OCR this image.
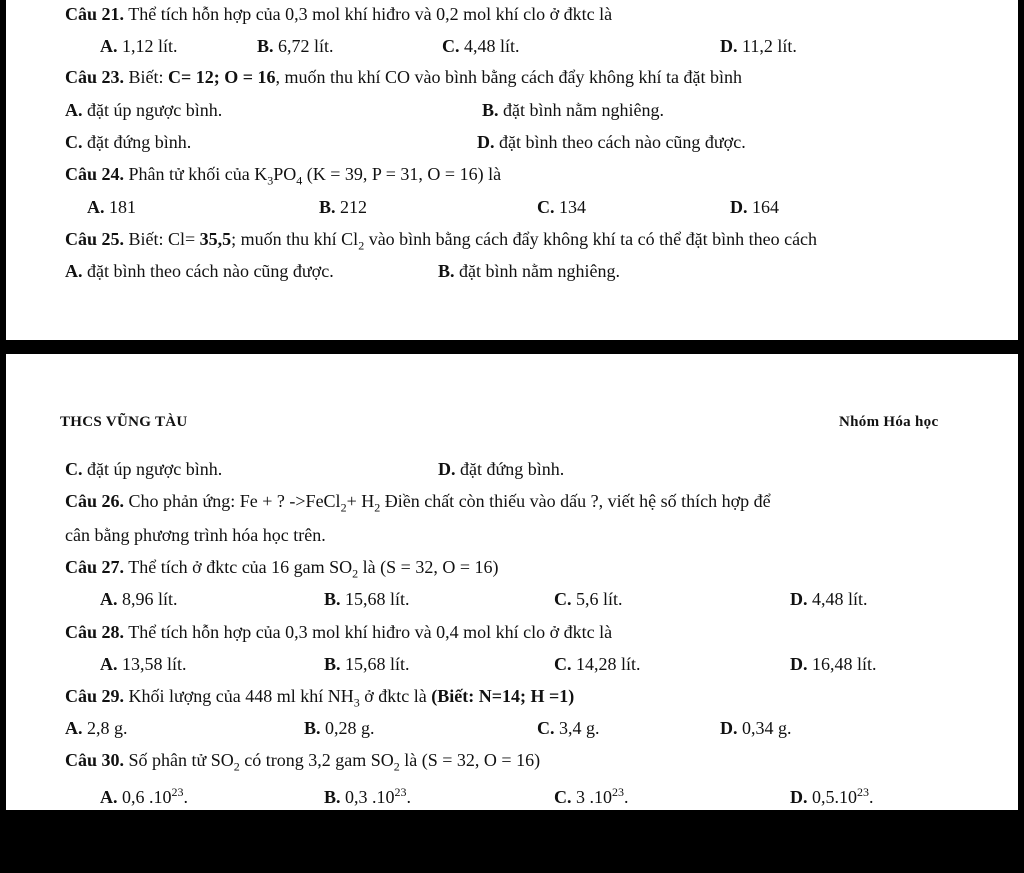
Câu 21. Thể tích hỗn hợp của 0,3 mol khí hiđro và 0,2 mol khí clo ở đktc là
A. 1,12 lít.	B. 6,72 lít.	C. 4,48 lít.	D. 11,2 lít.
Câu 23. Biết: C= 12; O = 16, muốn thu khí CO vào bình bằng cách đẩy không khí ta đặt bình
A. đặt úp ngược bình.	B. đặt bình nằm nghiêng.
C. đặt đứng bình.	D. đặt bình theo cách nào cũng được.
Câu 24. Phân tử khối của $K_3PO_4$ (K = 39, P = 31, O = 16) là
A. 181	B. 212	C. 134	D. 164
Câu 25. Biết: Cl= 35,5; muốn thu khí $Cl_2$ vào bình bằng cách đẩy không khí ta có thể đặt bình theo cách
A. đặt bình theo cách nào cũng được.	B. đặt bình nằm nghiêng.
THCS VŨNG TÀU	Nhóm Hóa học
C. đặt úp ngược bình.	D. đặt đứng bình.
Câu 26. Cho phản ứng: Fe + ? ->FeCl$_2$+ $H_2$ Điền chất còn thiếu vào dấu ?, viết hệ số thích hợp để
cân bằng phương trình hóa học trên.
Câu 27. Thể tích ở đktc của 16 gam $SO_2$ là (S = 32, O = 16)
A. 8,96 lít.	B. 15,68 lít.	C. 5,6 lít.	D. 4,48 lít.
Câu 28. Thể tích hỗn hợp của 0,3 mol khí hiđro và 0,4 mol khí clo ở đktc là
A. 13,58 lít.	B. 15,68 lít.	C. 14,28 lít.	D. 16,48 lít.
Câu 29. Khối lượng của 448 ml khí $NH_3$ ở đktc là (Biết: N=14; H =1)
A. 2,8 g.	B. 0,28 g.	C. 3,4 g.	D. 0,34 g.
Câu 30. Số phân tử $SO_2$ có trong 3,2 gam $SO_2$ là (S = 32, O = 16)
A. 0,6 $.10^{23}$.	B. 0,3 $.10^{23}$.	C. 3 $.10^{23}$.	D. 0,5.10$^{23}$.
